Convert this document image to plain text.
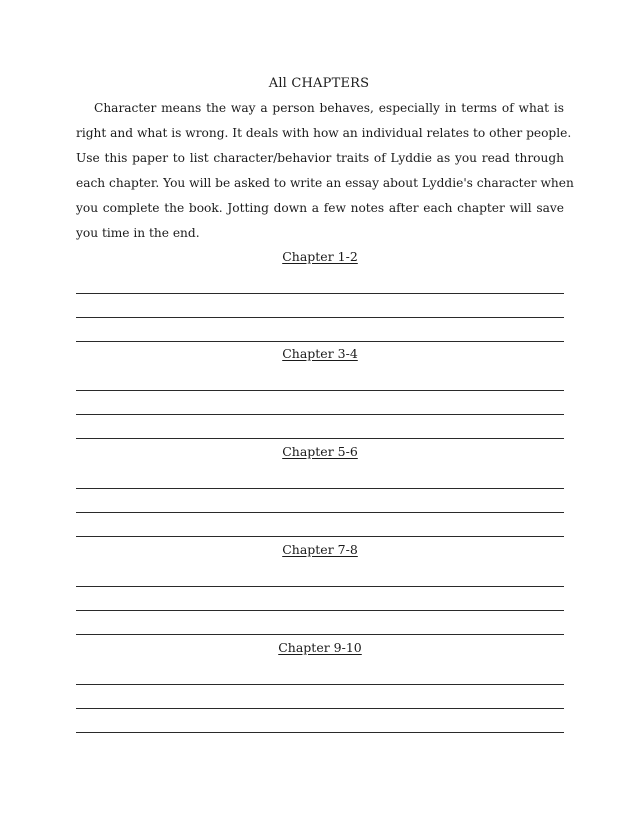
All CHAPTERS
Character means the way a person behaves, especially in terms of what is
right and what is wrong. It deals with how an individual relates to other people.
Use this paper to list character/behavior traits of Lyddie as you read through
each chapter. You will be asked to write an essay about Lyddie's character when
you complete the book. Jotting down a few notes after each chapter will save
you time in the end.
Chapter 1-2
Chapter 3-4
Chapter 5-6
Chapter 7-8
Chapter 9-10
